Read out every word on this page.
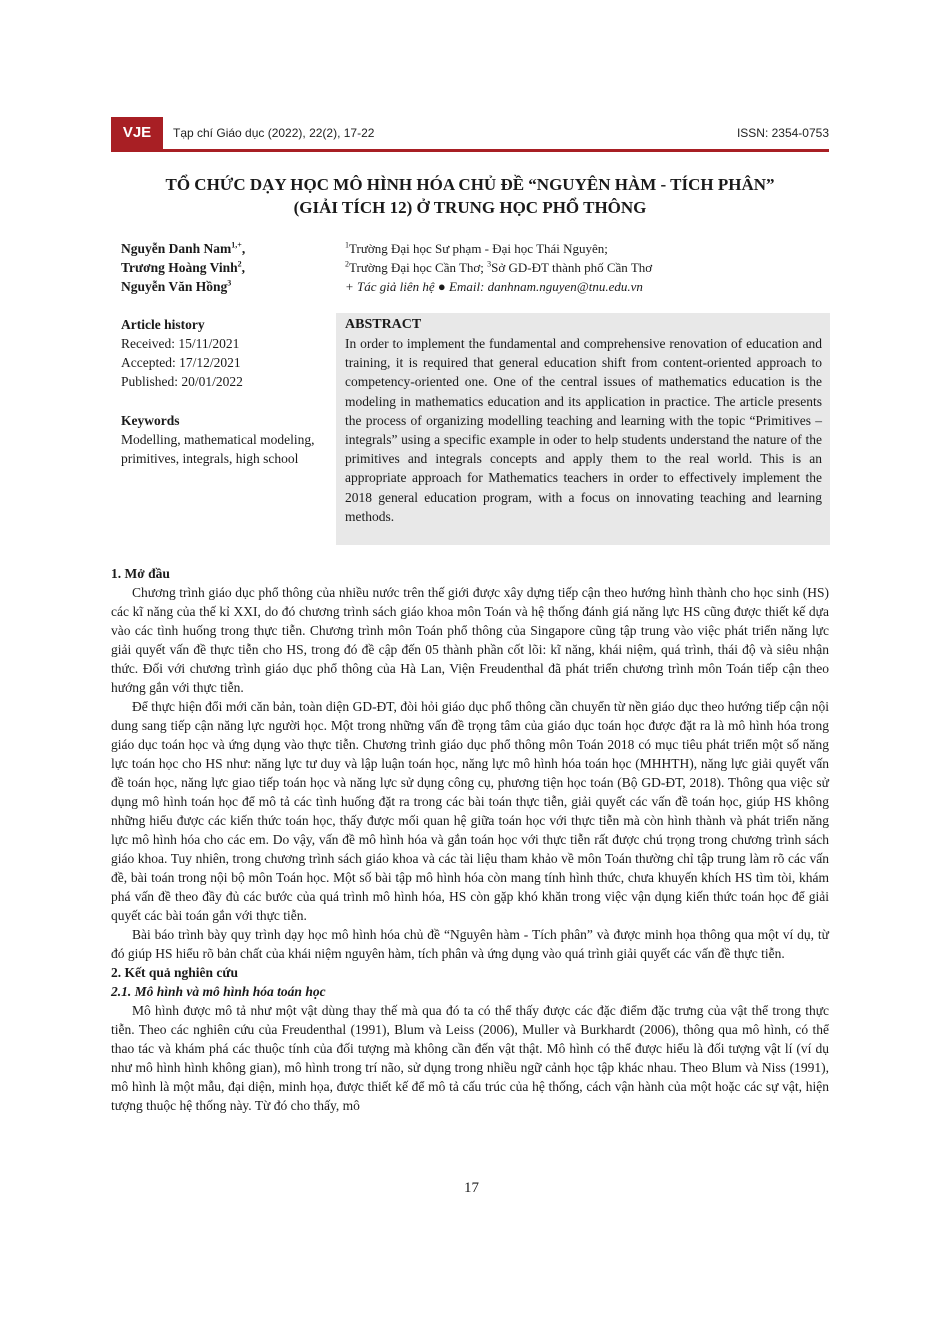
VJE	Tạp chí Giáo dục (2022), 22(2), 17-22	ISSN: 2354-0753
TỔ CHỨC DẠY HỌC MÔ HÌNH HÓA CHỦ ĐỀ “NGUYÊN HÀM - TÍCH PHÂN”
(GIẢI TÍCH 12) Ở TRUNG HỌC PHỔ THÔNG
Nguyễn Danh Nam$^{1,+}$,
Trương Hoàng Vinh$^2$,
Nguyễn Văn Hồng$^3$
$^1$Trường Đại học Sư phạm - Đại học Thái Nguyên;
$^2$Trường Đại học Cần Thơ; $^3$Sở GD-ĐT thành phố Cần Thơ
+ Tác giả liên hệ ● Email: danhnam.nguyen@tnu.edu.vn
Article history
Received: 15/11/2021
Accepted: 17/12/2021
Published: 20/01/2022
Keywords
Modelling, mathematical modeling, primitives, integrals, high school
ABSTRACT
In order to implement the fundamental and comprehensive renovation of education and training, it is required that general education shift from content-oriented approach to competency-oriented one. One of the central issues of mathematics education is the modeling in mathematics education and its application in practice. The article presents the process of organizing modelling teaching and learning with the topic “Primitives – integrals” using a specific example in oder to help students understand the nature of the primitives and integrals concepts and apply them to the real world. This is an appropriate approach for Mathematics teachers in order to effectively implement the 2018 general education program, with a focus on innovating teaching and learning methods.
1. Mở đầu

Chương trình giáo dục phổ thông của nhiều nước trên thế giới được xây dựng tiếp cận theo hướng hình thành cho học sinh (HS) các kĩ năng của thế kỉ XXI, do đó chương trình sách giáo khoa môn Toán và hệ thống đánh giá năng lực HS cũng được thiết kế dựa vào các tình huống trong thực tiễn. Chương trình môn Toán phổ thông của Singapore cũng tập trung vào việc phát triển năng lực giải quyết vấn đề thực tiễn cho HS, trong đó đề cập đến 05 thành phần cốt lõi: kĩ năng, khái niệm, quá trình, thái độ và siêu nhận thức. Đối với chương trình giáo dục phổ thông của Hà Lan, Viện Freudenthal đã phát triển chương trình môn Toán tiếp cận theo hướng gắn với thực tiễn.

Để thực hiện đổi mới căn bản, toàn diện GD-ĐT, đòi hỏi giáo dục phổ thông cần chuyển từ nền giáo dục theo hướng tiếp cận nội dung sang tiếp cận năng lực người học. Một trong những vấn đề trọng tâm của giáo dục toán học được đặt ra là mô hình hóa trong giáo dục toán học và ứng dụng vào thực tiễn. Chương trình giáo dục phổ thông môn Toán 2018 có mục tiêu phát triển một số năng lực toán học cho HS như: năng lực tư duy và lập luận toán học, năng lực mô hình hóa toán học (MHHTH), năng lực giải quyết vấn đề toán học, năng lực giao tiếp toán học và năng lực sử dụng công cụ, phương tiện học toán (Bộ GD-ĐT, 2018). Thông qua việc sử dụng mô hình toán học để mô tả các tình huống đặt ra trong các bài toán thực tiễn, giải quyết các vấn đề toán học, giúp HS không những hiểu được các kiến thức toán học, thấy được mối quan hệ giữa toán học với thực tiễn mà còn hình thành và phát triển năng lực mô hình hóa cho các em. Do vậy, vấn đề mô hình hóa và gắn toán học với thực tiễn rất được chú trọng trong chương trình sách giáo khoa. Tuy nhiên, trong chương trình sách giáo khoa và các tài liệu tham khảo về môn Toán thường chỉ tập trung làm rõ các vấn đề, bài toán trong nội bộ môn Toán học. Một số bài tập mô hình hóa còn mang tính hình thức, chưa khuyến khích HS tìm tòi, khám phá vấn đề theo đầy đủ các bước của quá trình mô hình hóa, HS còn gặp khó khăn trong việc vận dụng kiến thức toán học để giải quyết các bài toán gắn với thực tiễn.

Bài báo trình bày quy trình dạy học mô hình hóa chủ đề “Nguyên hàm - Tích phân” và được minh họa thông qua một ví dụ, từ đó giúp HS hiểu rõ bản chất của khái niệm nguyên hàm, tích phân và ứng dụng vào quá trình giải quyết các vấn đề thực tiễn.

2. Kết quả nghiên cứu
2.1. Mô hình và mô hình hóa toán học

Mô hình được mô tả như một vật dùng thay thế mà qua đó ta có thể thấy được các đặc điểm đặc trưng của vật thể trong thực tiễn. Theo các nghiên cứu của Freudenthal (1991), Blum và Leiss (2006), Muller và Burkhardt (2006), thông qua mô hình, có thể thao tác và khám phá các thuộc tính của đối tượng mà không cần đến vật thật. Mô hình có thể được hiểu là đối tượng vật lí (ví dụ như mô hình hình không gian), mô hình trong trí não, sử dụng trong nhiều ngữ cảnh học tập khác nhau. Theo Blum và Niss (1991), mô hình là một mẫu, đại diện, minh họa, được thiết kế để mô tả cấu trúc của hệ thống, cách vận hành của một hoặc các sự vật, hiện tượng thuộc hệ thống này. Từ đó cho thấy, mô

17
